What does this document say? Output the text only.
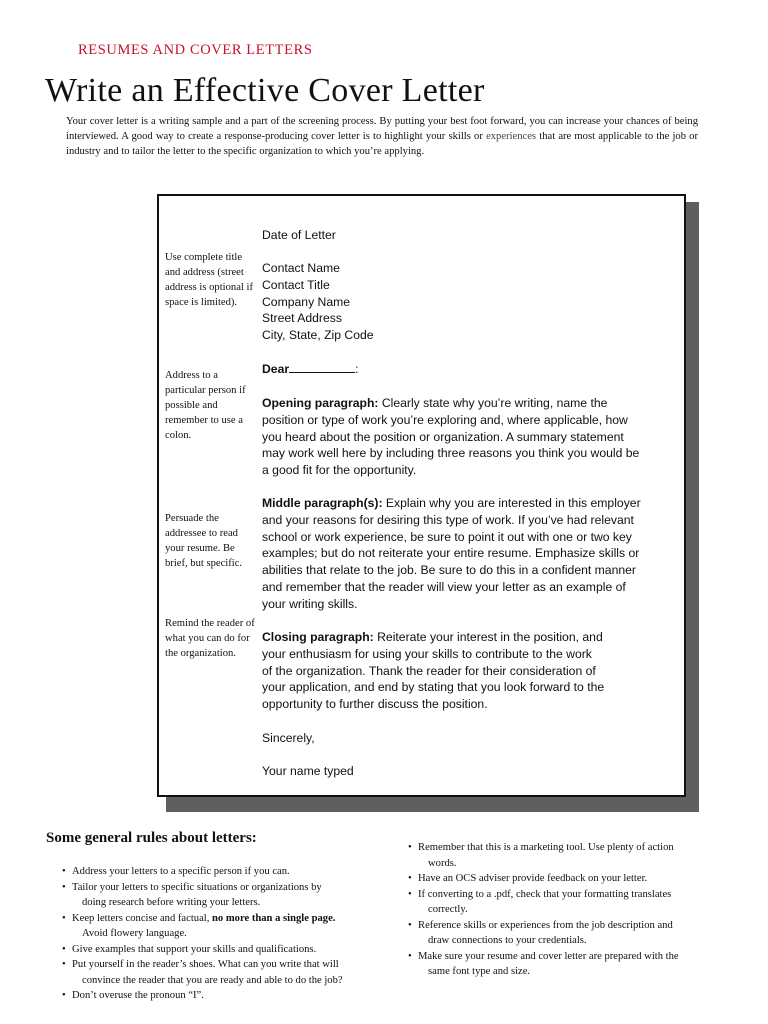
RESUMES AND COVER LETTERS
Write an Effective Cover Letter
Your cover letter is a writing sample and a part of the screening process. By putting your best foot forward, you can increase your chances of being interviewed. A good way to create a response-producing cover letter is to highlight your skills or experiences that are most applicable to the job or industry and to tailor the letter to the specific organization to which you’re applying.
Use complete title and address (street address is optional if space is limited).
Address to a particular person if possible and remember to use a colon.
Persuade the addressee to read your resume. Be brief, but specific.
Remind the reader of what you can do for the organization.
Date of Letter
Contact Name
Contact Title
Company Name
Street Address
City, State, Zip Code
Dear	:
Opening paragraph: Clearly state why you’re writing, name the
position or type of work you’re exploring and, where applicable, how
you heard about the position or organization. A summary statement
may work well here by including three reasons you think you would be
a good fit for the opportunity.
Middle paragraph(s): Explain why you are interested in this employer
and your reasons for desiring this type of work. If you’ve had relevant
school or work experience, be sure to point it out with one or two key
examples; but do not reiterate your entire resume. Emphasize skills or
abilities that relate to the job. Be sure to do this in a confident manner
and remember that the reader will view your letter as an example of
your writing skills.
Closing paragraph: Reiterate your interest in the position, and
your enthusiasm for using your skills to contribute to the work
of the organization. Thank the reader for their consideration of
your application, and end by stating that you look forward to the
opportunity to further discuss the position.
Sincerely,
Your name typed
Some general rules about letters:
• Address your letters to a specific person if you can.
• Tailor your letters to specific situations or organizations by
doing research before writing your letters.
• Keep letters concise and factual, no more than a single page.
Avoid flowery language.
• Give examples that support your skills and qualifications.
• Put yourself in the reader’s shoes. What can you write that will
convince the reader that you are ready and able to do the job?
• Don’t overuse the pronoun “I”.
• Remember that this is a marketing tool. Use plenty of action
words.
• Have an OCS adviser provide feedback on your letter.
• If converting to a .pdf, check that your formatting translates
correctly.
• Reference skills or experiences from the job description and
draw connections to your credentials.
• Make sure your resume and cover letter are prepared with the
same font type and size.
